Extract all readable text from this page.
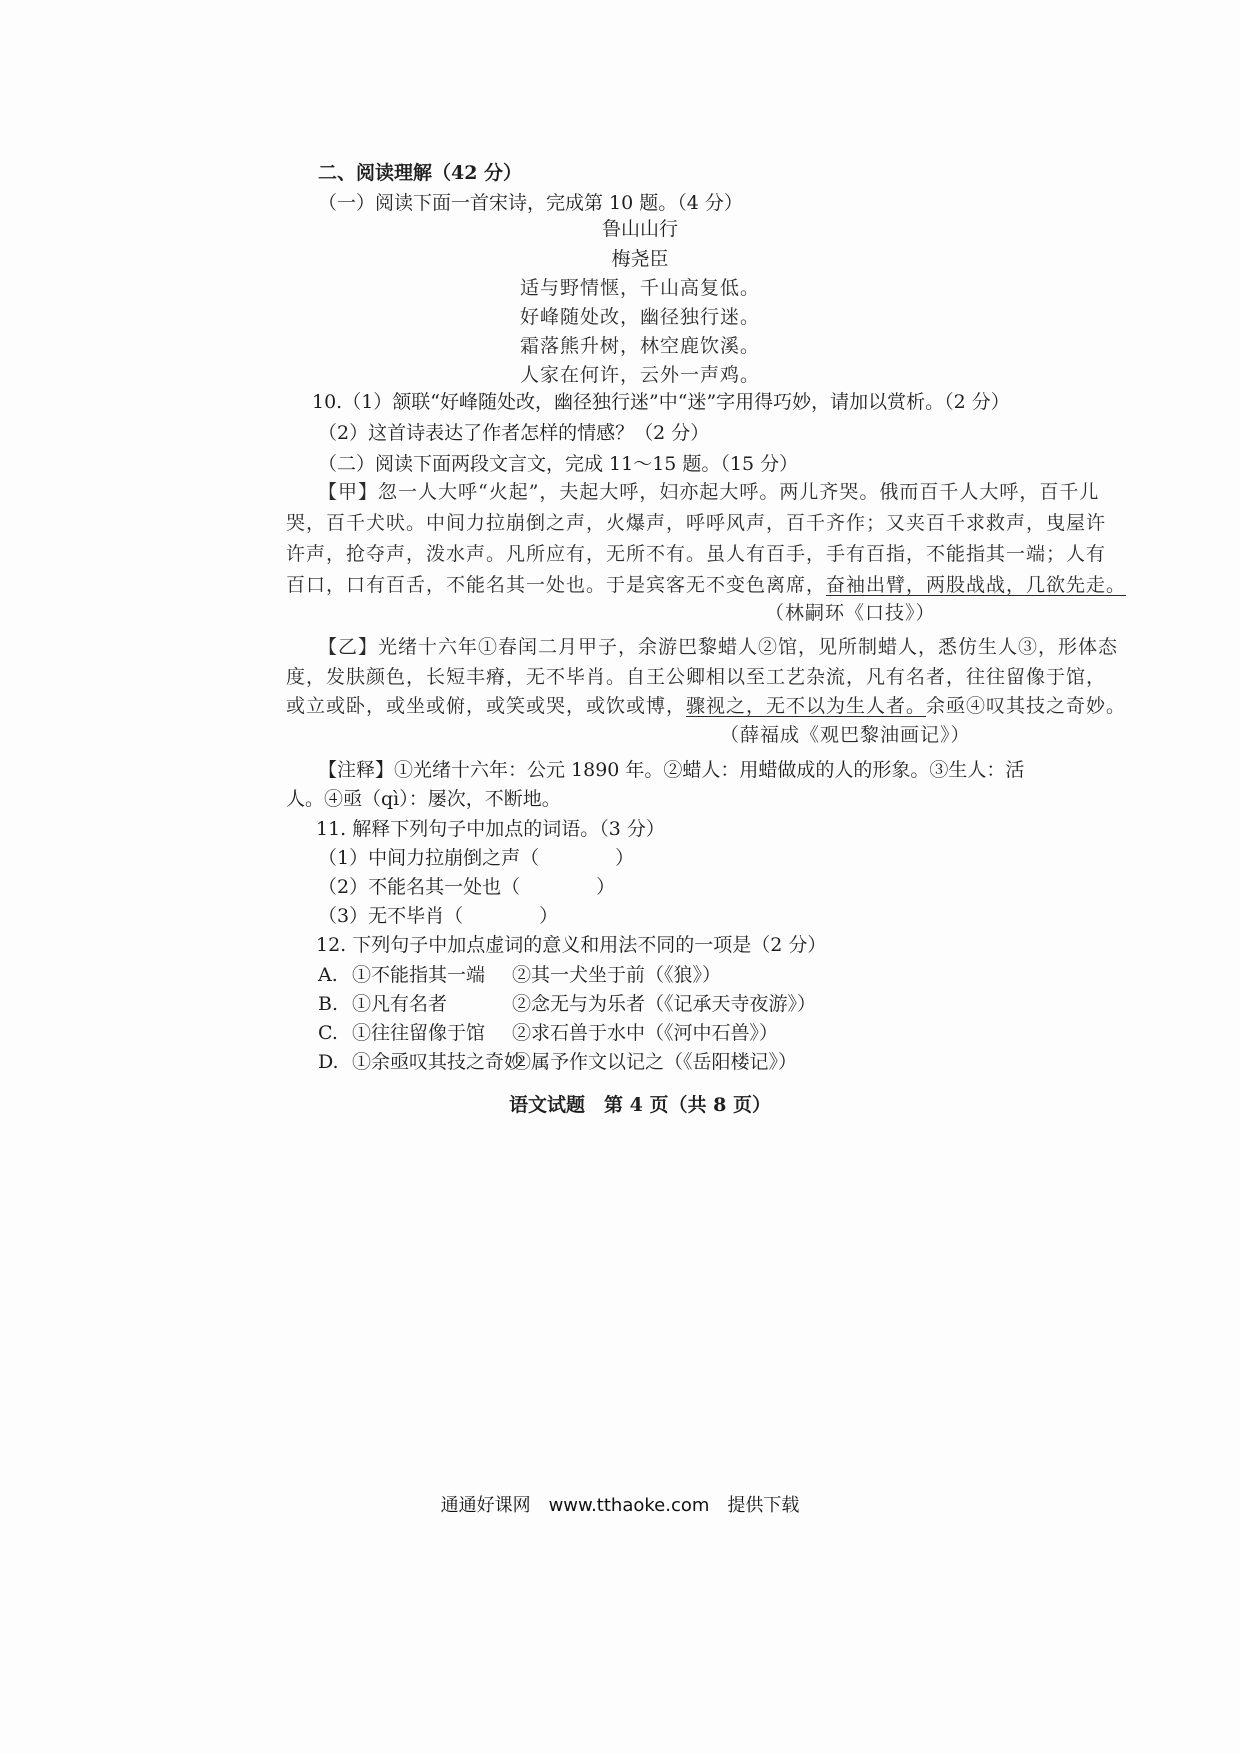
二、阅读理解（42 分）
（一）阅读下面一首宋诗，完成第 10 题。（4 分）
鲁山山行
梅尧臣
适与野情惬，千山高复低。
好峰随处改，幽径独行迷。
霜落熊升树，林空鹿饮溪。
人家在何许，云外一声鸡。
10.（1）颔联“好峰随处改，幽径独行迷”中“迷”字用得巧妙，请加以赏析。（2 分）
（2）这首诗表达了作者怎样的情感？（2 分）
（二）阅读下面两段文言文，完成 11～15 题。（15 分）
【甲】忽一人大呼“火起”，夫起大呼，妇亦起大呼。两儿齐哭。俄而百千人大呼，百千儿
哭，百千犬吠。中间力拉崩倒之声，火爆声，呼呼风声，百千齐作；又夹百千求救声，曳屋许
许声，抢夺声，泼水声。凡所应有，无所不有。虽人有百手，手有百指，不能指其一端；人有
百口，口有百舌，不能名其一处也。于是宾客无不变色离席，奋袖出臂，两股战战，几欲先走。
（林嗣环《口技》）
【乙】光绪十六年①春闰二月甲子，余游巴黎蜡人②馆，见所制蜡人，悉仿生人③，形体态
度，发肤颜色，长短丰瘠，无不毕肖。自王公卿相以至工艺杂流，凡有名者，往往留像于馆，
或立或卧，或坐或俯，或笑或哭，或饮或博，骤视之，无不以为生人者。余亟④叹其技之奇妙。
（薛福成《观巴黎油画记》）
【注释】①光绪十六年：公元 1890 年。②蜡人：用蜡做成的人的形象。③生人：活
人。④亟（qì）：屡次，不断地。
11. 解释下列句子中加点的词语。（3 分）
（1）中间力拉崩倒之声（　　　　）
（2）不能名其一处也（　　　　）
（3）无不毕肖（　　　　）
12. 下列句子中加点虚词的意义和用法不同的一项是（2 分）
A. ①不能指其一端 ②其一犬坐于前（《狼》）
B. ①凡有名者	②念无与为乐者（《记承天寺夜游》）
C. ①往往留像于馆 ②求石兽于水中（《河中石兽》）
D. ①余亟叹其技之奇妙②属予作文以记之（《岳阳楼记》）
语文试题　第 4 页（共 8 页）
通通好课网　www.tthaoke.com　提供下载
